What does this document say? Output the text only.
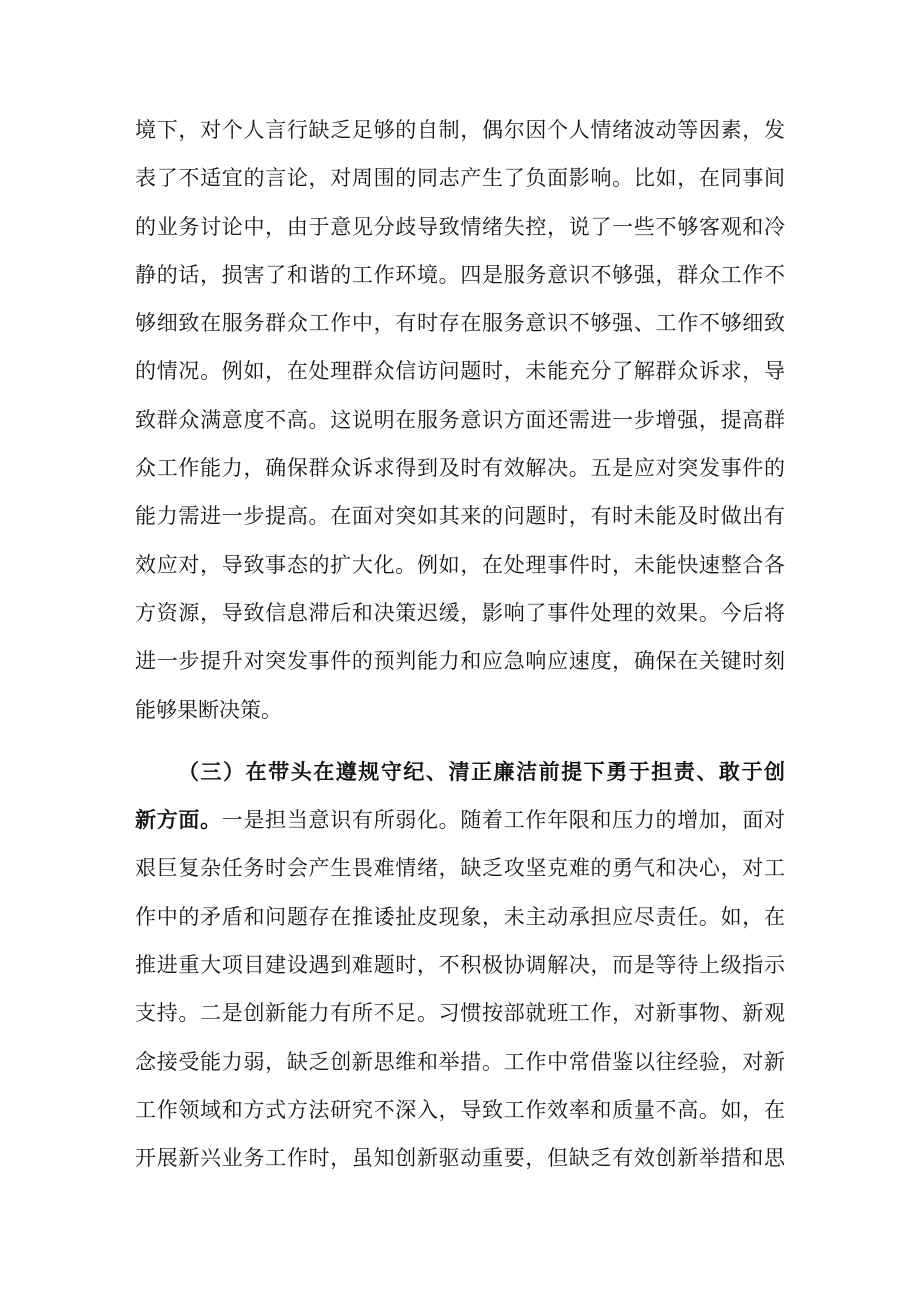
境下，对个人言行缺乏足够的自制，偶尔因个人情绪波动等因素，发
表了不适宜的言论，对周围的同志产生了负面影响。比如，在同事间
的业务讨论中，由于意见分歧导致情绪失控，说了一些不够客观和冷
静的话，损害了和谐的工作环境。四是服务意识不够强，群众工作不
够细致在服务群众工作中，有时存在服务意识不够强、工作不够细致
的情况。例如，在处理群众信访问题时，未能充分了解群众诉求，导
致群众满意度不高。这说明在服务意识方面还需进一步增强，提高群
众工作能力，确保群众诉求得到及时有效解决。五是应对突发事件的
能力需进一步提高。在面对突如其来的问题时，有时未能及时做出有
效应对，导致事态的扩大化。例如，在处理事件时，未能快速整合各
方资源，导致信息滞后和决策迟缓，影响了事件处理的效果。今后将
进一步提升对突发事件的预判能力和应急响应速度，确保在关键时刻
能够果断决策。
（三）在带头在遵规守纪、清正廉洁前提下勇于担责、敢于创
新方面。一是担当意识有所弱化。随着工作年限和压力的增加，面对
艰巨复杂任务时会产生畏难情绪，缺乏攻坚克难的勇气和决心，对工
作中的矛盾和问题存在推诿扯皮现象，未主动承担应尽责任。如，在
推进重大项目建设遇到难题时，不积极协调解决，而是等待上级指示
支持。二是创新能力有所不足。习惯按部就班工作，对新事物、新观
念接受能力弱，缺乏创新思维和举措。工作中常借鉴以往经验，对新
工作领域和方式方法研究不深入，导致工作效率和质量不高。如，在
开展新兴业务工作时，虽知创新驱动重要，但缺乏有效创新举措和思
